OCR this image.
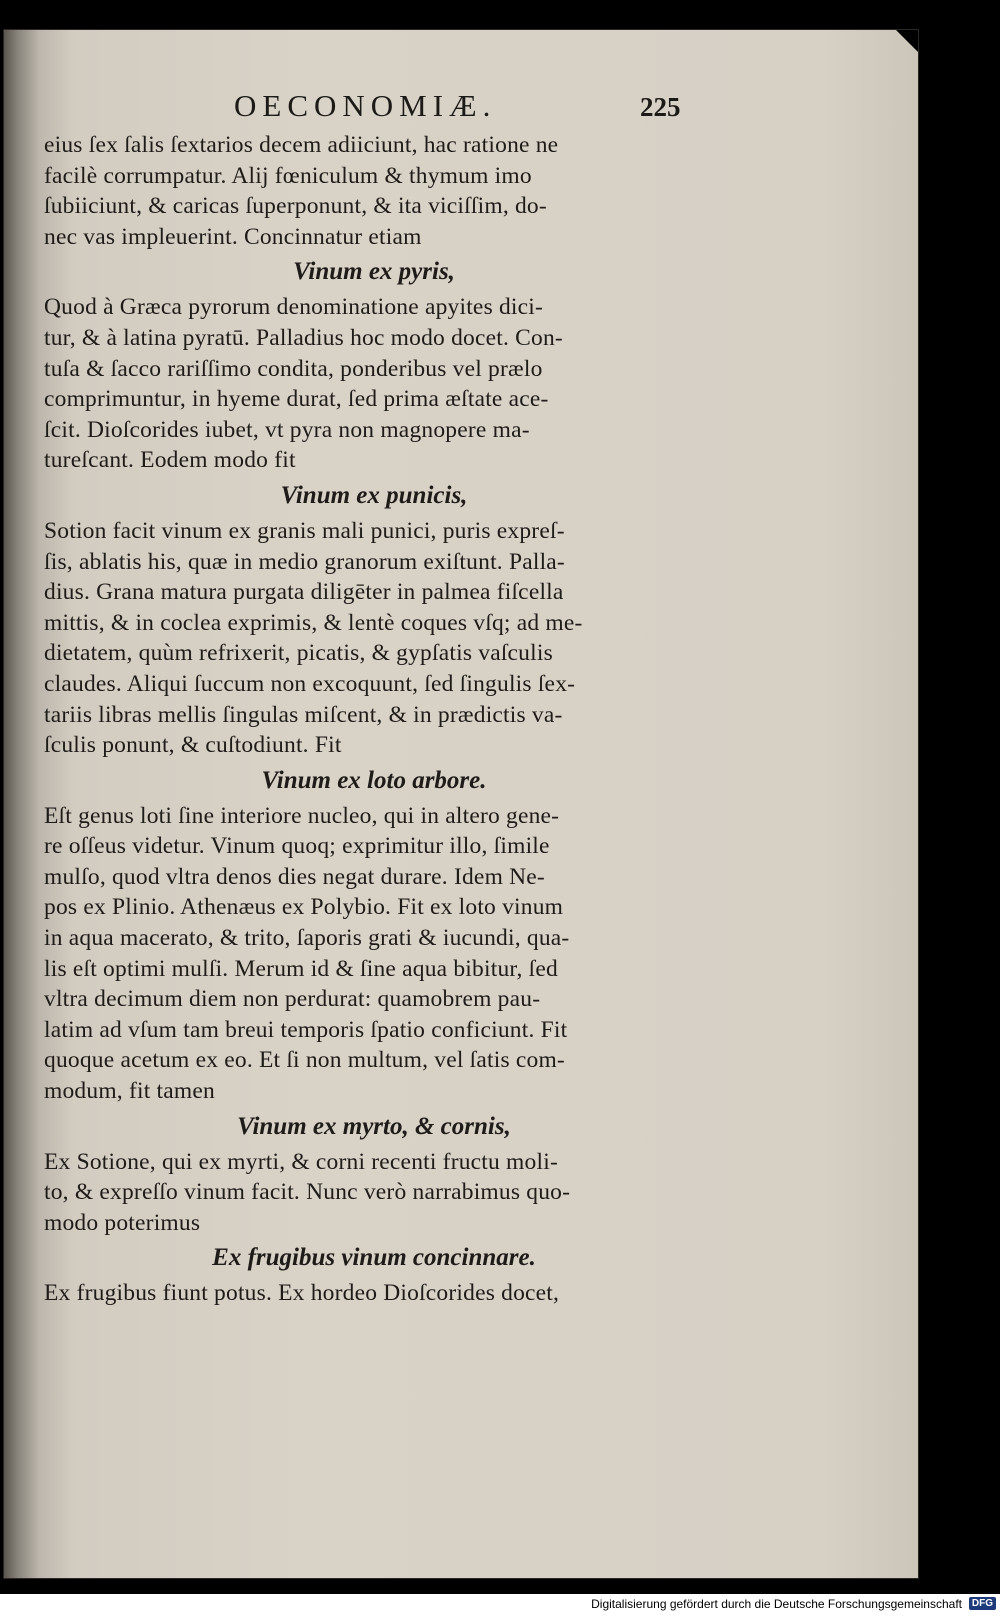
OECONOMIÆ.	225
eius ſex ſalis ſextarios decem adiiciunt, hac ratione ne
facilè corrumpatur. Alij fœniculum & thymum imo
ſubiiciunt, & caricas ſuperponunt, & ita viciſſim, do-
nec vas impleuerint. Concinnatur etiam
Vinum ex pyris,
Quod à Græca pyrorum denominatione apyites dici-
tur, & à latina pyratū. Palladius hoc modo docet. Con-
tuſa & ſacco rariſſimo condita, ponderibus vel prælo
comprimuntur, in hyeme durat, ſed prima æſtate ace-
ſcit. Dioſcorides iubet, vt pyra non magnopere ma-
tureſcant. Eodem modo fit
Vinum ex punicis,
Sotion facit vinum ex granis mali punici, puris expreſ-
ſis, ablatis his, quæ in medio granorum exiſtunt. Palla-
dius. Grana matura purgata diligēter in palmea fiſcella
mittis, & in coclea exprimis, & lentè coques vſq; ad me-
dietatem, quùm refrixerit, picatis, & gypſatis vaſculis
claudes. Aliqui ſuccum non excoquunt, ſed ſingulis ſex-
tariis libras mellis ſingulas miſcent, & in prædictis va-
ſculis ponunt, & cuſtodiunt. Fit
Vinum ex loto arbore.
Eſt genus loti ſine interiore nucleo, qui in altero gene-
re oſſeus videtur. Vinum quoq; exprimitur illo, ſimile
mulſo, quod vltra denos dies negat durare. Idem Ne-
pos ex Plinio. Athenæus ex Polybio. Fit ex loto vinum
in aqua macerato, & trito, ſaporis grati & iucundi, qua-
lis eſt optimi mulſi. Merum id & ſine aqua bibitur, ſed
vltra decimum diem non perdurat: quamobrem pau-
latim ad vſum tam breui temporis ſpatio conficiunt. Fit
quoque acetum ex eo. Et ſi non multum, vel ſatis com-
modum, fit tamen
Vinum ex myrto, & cornis,
Ex Sotione, qui ex myrti, & corni recenti fructu moli-
to, & expreſſo vinum facit. Nunc verò narrabimus quo-
modo poterimus
Ex frugibus vinum concinnare.
Ex frugibus fiunt potus. Ex hordeo Dioſcorides docet,
Digitalisierung gefördert durch die Deutsche Forschungsgemeinschaft DFG
